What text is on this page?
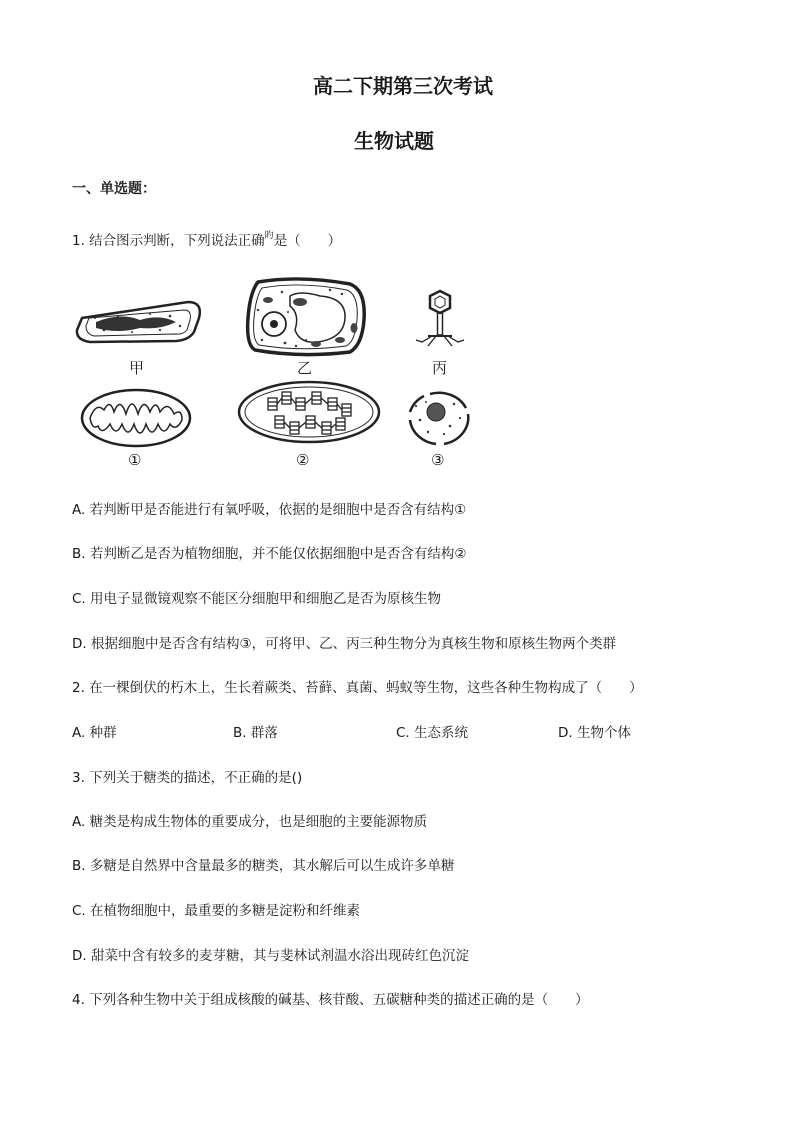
高二下期第三次考试
生物试题
一、单选题：
1. 结合图示判断，下列说法正确$^旳$是（　　）
甲	乙	丙
①	②	③
A. 若判断甲是否能进行有氧呼吸，依据的是细胞中是否含有结构①
B. 若判断乙是否为植物细胞，并不能仅依据细胞中是否含有结构②
C. 用电子显微镜观察不能区分细胞甲和细胞乙是否为原核生物
D. 根据细胞中是否含有结构③，可将甲、乙、丙三种生物分为真核生物和原核生物两个类群
2. 在一棵倒伏的朽木上，生长着蕨类、苔藓、真菌、蚂蚁等生物，这些各种生物构成了（　　）
A. 种群	B. 群落	C. 生态系统	D. 生物个体
3. 下列关于糖类的描述，不正确的是()
A. 糖类是构成生物体的重要成分，也是细胞的主要能源物质
B. 多糖是自然界中含量最多的糖类，其水解后可以生成许多单糖
C. 在植物细胞中，最重要的多糖是淀粉和纤维素
D. 甜菜中含有较多的麦芽糖，其与斐林试剂温水浴出现砖红色沉淀
4. 下列各种生物中关于组成核酸的碱基、核苷酸、五碳糖种类的描述正确的是（　　）
